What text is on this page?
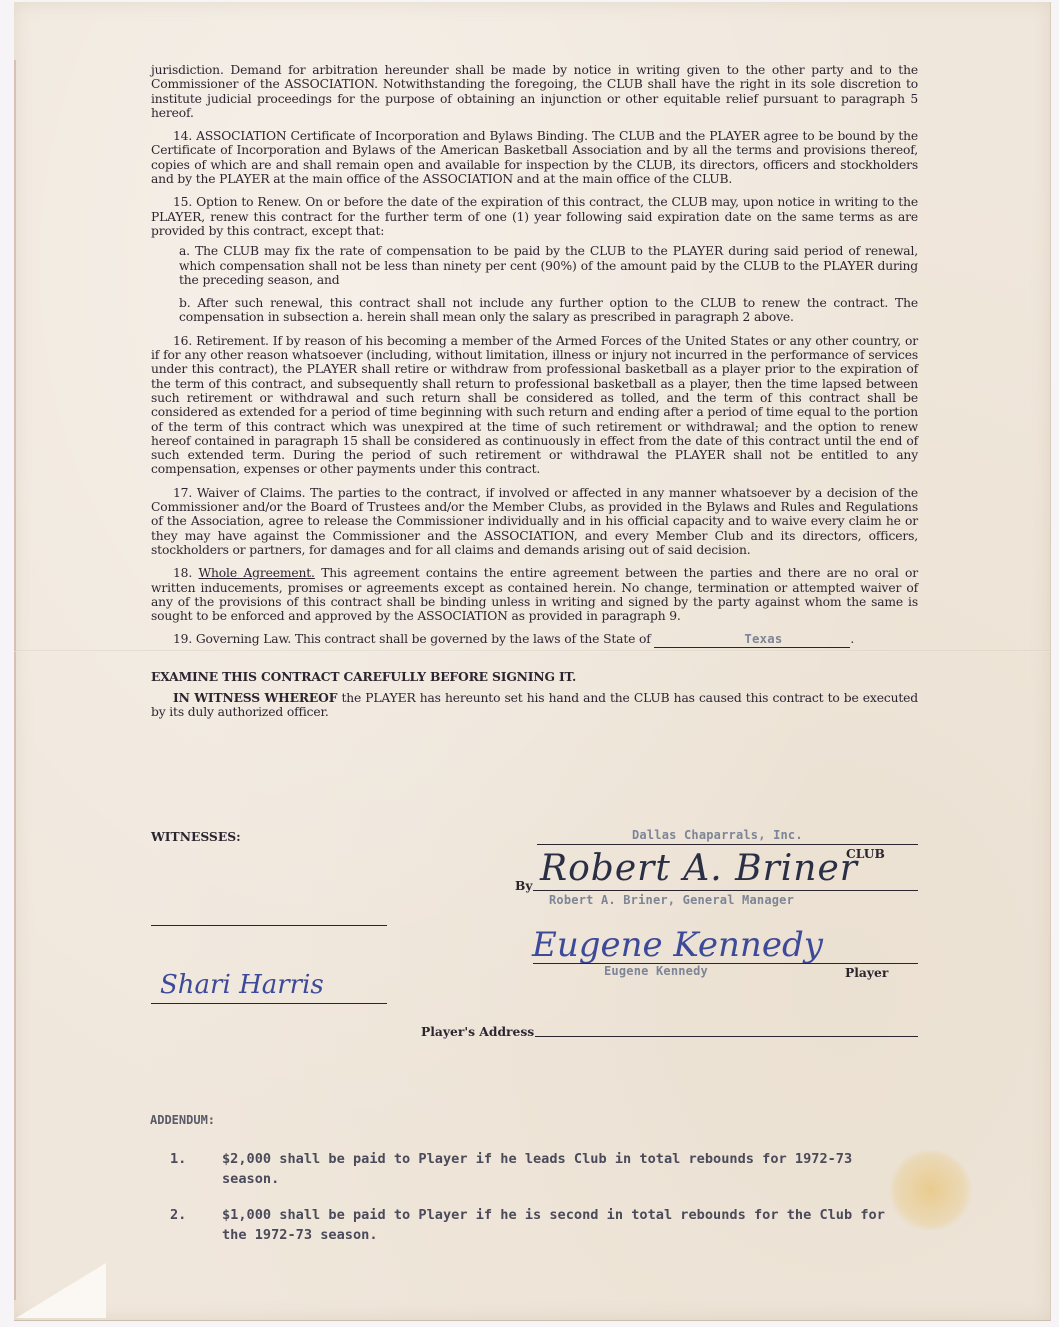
jurisdiction. Demand for arbitration hereunder shall be made by notice in writing given to the other party and to the Commissioner of the ASSOCIATION. Notwithstanding the foregoing, the CLUB shall have the right in its sole discretion to institute judicial proceedings for the purpose of obtaining an injunction or other equitable relief pursuant to paragraph 5 hereof.

14. ASSOCIATION Certificate of Incorporation and Bylaws Binding. The CLUB and the PLAYER agree to be bound by the Certificate of Incorporation and Bylaws of the American Basketball Association and by all the terms and provisions thereof, copies of which are and shall remain open and available for inspection by the CLUB, its directors, officers and stockholders and by the PLAYER at the main office of the ASSOCIATION and at the main office of the CLUB.

15. Option to Renew. On or before the date of the expiration of this contract, the CLUB may, upon notice in writing to the PLAYER, renew this contract for the further term of one (1) year following said expiration date on the same terms as are provided by this contract, except that:

a. The CLUB may fix the rate of compensation to be paid by the CLUB to the PLAYER during said period of renewal, which compensation shall not be less than ninety per cent (90%) of the amount paid by the CLUB to the PLAYER during the preceding season, and

b. After such renewal, this contract shall not include any further option to the CLUB to renew the contract. The compensation in subsection a. herein shall mean only the salary as prescribed in paragraph 2 above.

16. Retirement. If by reason of his becoming a member of the Armed Forces of the United States or any other country, or if for any other reason whatsoever (including, without limitation, illness or injury not incurred in the performance of services under this contract), the PLAYER shall retire or withdraw from professional basketball as a player prior to the expiration of the term of this contract, and subsequently shall return to professional basketball as a player, then the time lapsed between such retirement or withdrawal and such return shall be considered as tolled, and the term of this contract shall be considered as extended for a period of time beginning with such return and ending after a period of time equal to the portion of the term of this contract which was unexpired at the time of such retirement or withdrawal; and the option to renew hereof contained in paragraph 15 shall be considered as continuously in effect from the date of this contract until the end of such extended term. During the period of such retirement or withdrawal the PLAYER shall not be entitled to any compensation, expenses or other payments under this contract.

17. Waiver of Claims. The parties to the contract, if involved or affected in any manner whatsoever by a decision of the Commissioner and/or the Board of Trustees and/or the Member Clubs, as provided in the Bylaws and Rules and Regulations of the Association, agree to release the Commissioner individually and in his official capacity and to waive every claim he or they may have against the Commissioner and the ASSOCIATION, and every Member Club and its directors, officers, stockholders or partners, for damages and for all claims and demands arising out of said decision.

18. Whole Agreement. This agreement contains the entire agreement between the parties and there are no oral or written inducements, promises or agreements except as contained herein. No change, termination or attempted waiver of any of the provisions of this contract shall be binding unless in writing and signed by the party against whom the same is sought to be enforced and approved by the ASSOCIATION as provided in paragraph 9.

19. Governing Law. This contract shall be governed by the laws of the State of	Texas	.

EXAMINE THIS CONTRACT CAREFULLY BEFORE SIGNING IT.

IN WITNESS WHEREOF the PLAYER has hereunto set his hand and the CLUB has caused this contract to be executed by its duly authorized officer.

WITNESSES:	Dallas Chaparrals, Inc.
CLUB
Robert A. Briner
By
Robert A. Briner, General Manager
Eugene Kennedy
Eugene Kennedy	Player
Shari Harris
Player's Address
ADDENDUM:
1.	$2,000 shall be paid to Player if he leads Club in total rebounds for 1972-73 season.
2.	$1,000 shall be paid to Player if he is second in total rebounds for the Club for the 1972-73 season.
